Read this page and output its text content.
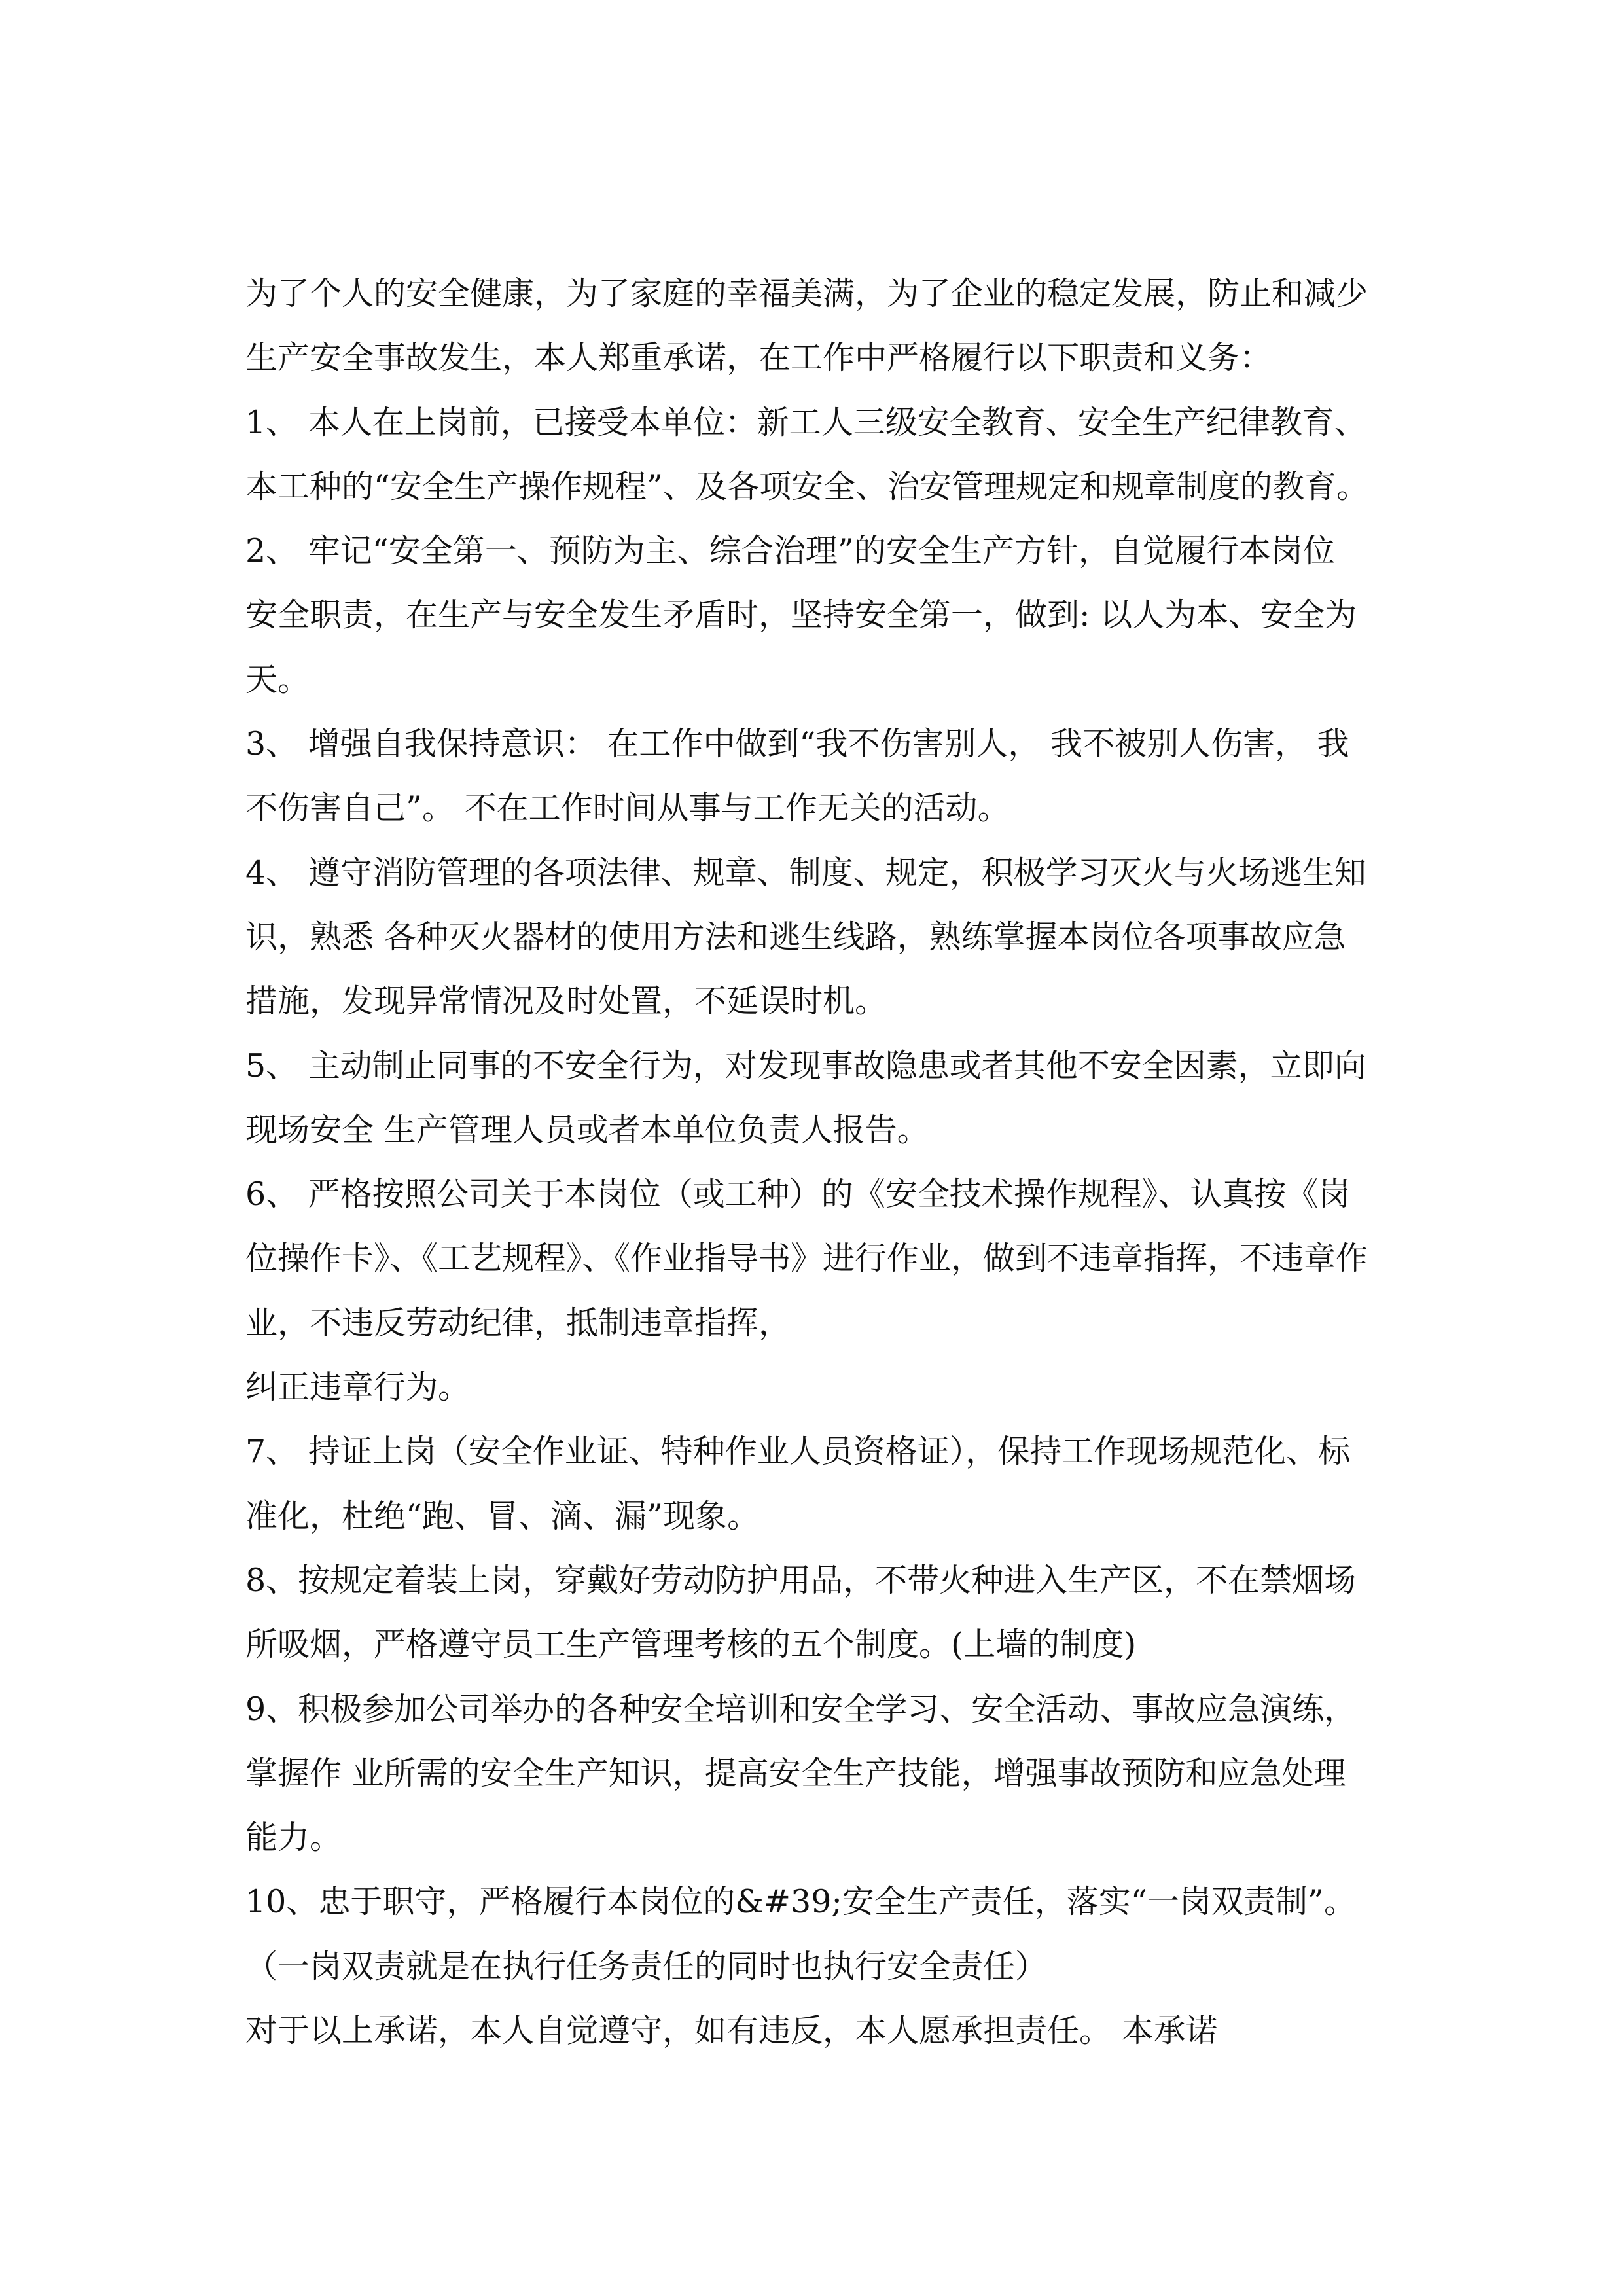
为了个人的安全健康，为了家庭的幸福美满，为了企业的稳定发展，防止和减少
生产安全事故发生，本人郑重承诺，在工作中严格履行以下职责和义务：
1、 本人在上岗前，已接受本单位：新工人三级安全教育、安全生产纪律教育、
本工种的“安全生产操作规程”、及各项安全、治安管理规定和规章制度的教育。
2、 牢记“安全第一、预防为主、综合治理”的安全生产方针，自觉履行本岗位
安全职责，在生产与安全发生矛盾时，坚持安全第一，做到: 以人为本、安全为
天。
3、 增强自我保持意识： 在工作中做到“我不伤害别人， 我不被别人伤害， 我
不伤害自己”。 不在工作时间从事与工作无关的活动。
4、 遵守消防管理的各项法律、规章、制度、规定，积极学习灭火与火场逃生知
识，熟悉 各种灭火器材的使用方法和逃生线路，熟练掌握本岗位各项事故应急
措施，发现异常情况及时处置，不延误时机。
5、 主动制止同事的不安全行为，对发现事故隐患或者其他不安全因素，立即向
现场安全 生产管理人员或者本单位负责人报告。
6、 严格按照公司关于本岗位（或工种）的《安全技术操作规程》、认真按《岗
位操作卡》、《工艺规程》、《作业指导书》进行作业，做到不违章指挥，不违章作
业，不违反劳动纪律，抵制违章指挥，
纠正违章行为。
7、 持证上岗（安全作业证、特种作业人员资格证），保持工作现场规范化、标
准化，杜绝“跑、冒、滴、漏”现象。
8、按规定着装上岗，穿戴好劳动防护用品，不带火种进入生产区，不在禁烟场
所吸烟，严格遵守员工生产管理考核的五个制度。(上墙的制度)
9、积极参加公司举办的各种安全培训和安全学习、安全活动、事故应急演练，
掌握作 业所需的安全生产知识，提高安全生产技能，增强事故预防和应急处理
能力。
10、忠于职守，严格履行本岗位的&#39;安全生产责任，落实“一岗双责制”。
（一岗双责就是在执行任务责任的同时也执行安全责任）
对于以上承诺，本人自觉遵守，如有违反，本人愿承担责任。 本承诺
